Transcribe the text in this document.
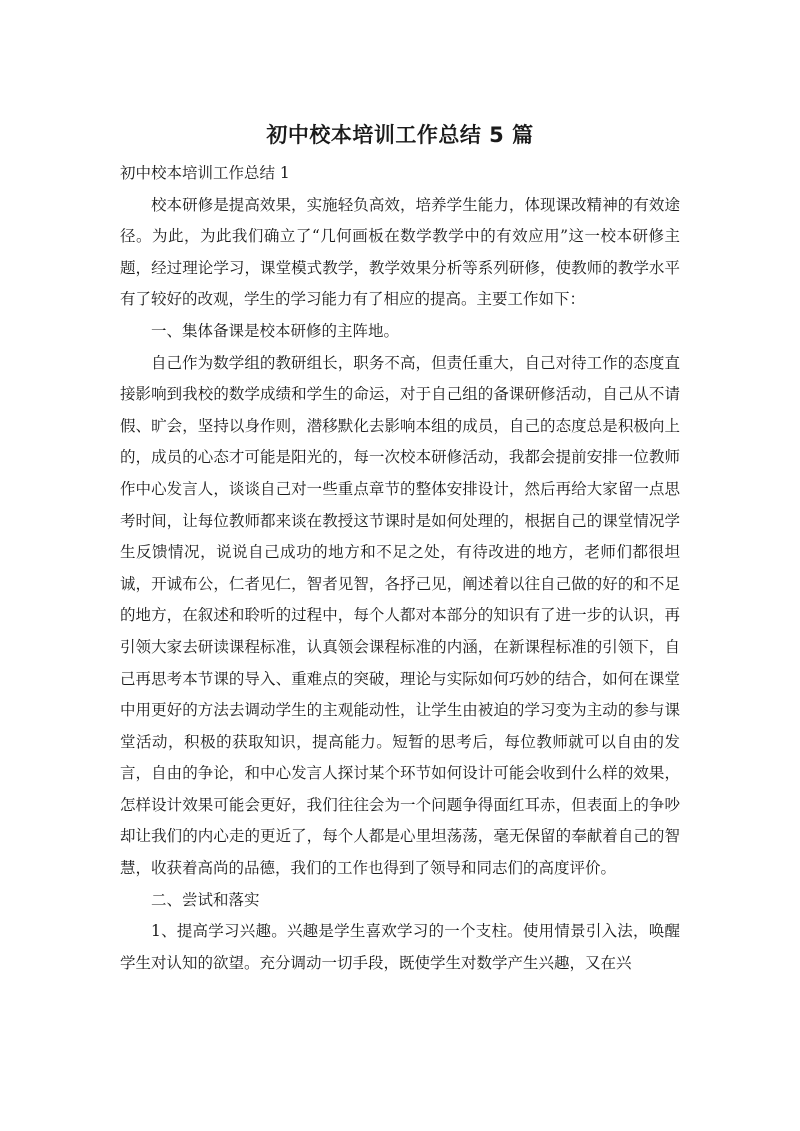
初中校本培训工作总结 5 篇

初中校本培训工作总结 1

校本研修是提高效果，实施轻负高效，培养学生能力，体现课改精神的有效途径。为此，为此我们确立了“几何画板在数学教学中的有效应用”这一校本研修主题，经过理论学习，课堂模式教学，教学效果分析等系列研修，使教师的教学水平有了较好的改观，学生的学习能力有了相应的提高。主要工作如下：

一、集体备课是校本研修的主阵地。

自己作为数学组的教研组长，职务不高，但责任重大，自己对待工作的态度直接影响到我校的数学成绩和学生的命运，对于自己组的备课研修活动，自己从不请假、旷会，坚持以身作则，潜移默化去影响本组的成员，自己的态度总是积极向上的，成员的心态才可能是阳光的，每一次校本研修活动，我都会提前安排一位教师作中心发言人，谈谈自己对一些重点章节的整体安排设计，然后再给大家留一点思考时间，让每位教师都来谈在教授这节课时是如何处理的，根据自己的课堂情况学生反馈情况，说说自己成功的地方和不足之处，有待改进的地方，老师们都很坦诚，开诚布公，仁者见仁，智者见智，各抒己见，阐述着以往自己做的好的和不足的地方，在叙述和聆听的过程中，每个人都对本部分的知识有了进一步的认识，再引领大家去研读课程标准，认真领会课程标准的内涵，在新课程标准的引领下，自己再思考本节课的导入、重难点的突破，理论与实际如何巧妙的结合，如何在课堂中用更好的方法去调动学生的主观能动性，让学生由被迫的学习变为主动的参与课堂活动，积极的获取知识，提高能力。短暂的思考后，每位教师就可以自由的发言，自由的争论，和中心发言人探讨某个环节如何设计可能会收到什么样的效果，怎样设计效果可能会更好，我们往往会为一个问题争得面红耳赤，但表面上的争吵却让我们的内心走的更近了，每个人都是心里坦荡荡，毫无保留的奉献着自己的智慧，收获着高尚的品德，我们的工作也得到了领导和同志们的高度评价。

二、尝试和落实

1、提高学习兴趣。兴趣是学生喜欢学习的一个支柱。使用情景引入法，唤醒学生对认知的欲望。充分调动一切手段，既使学生对数学产生兴趣，又在兴
